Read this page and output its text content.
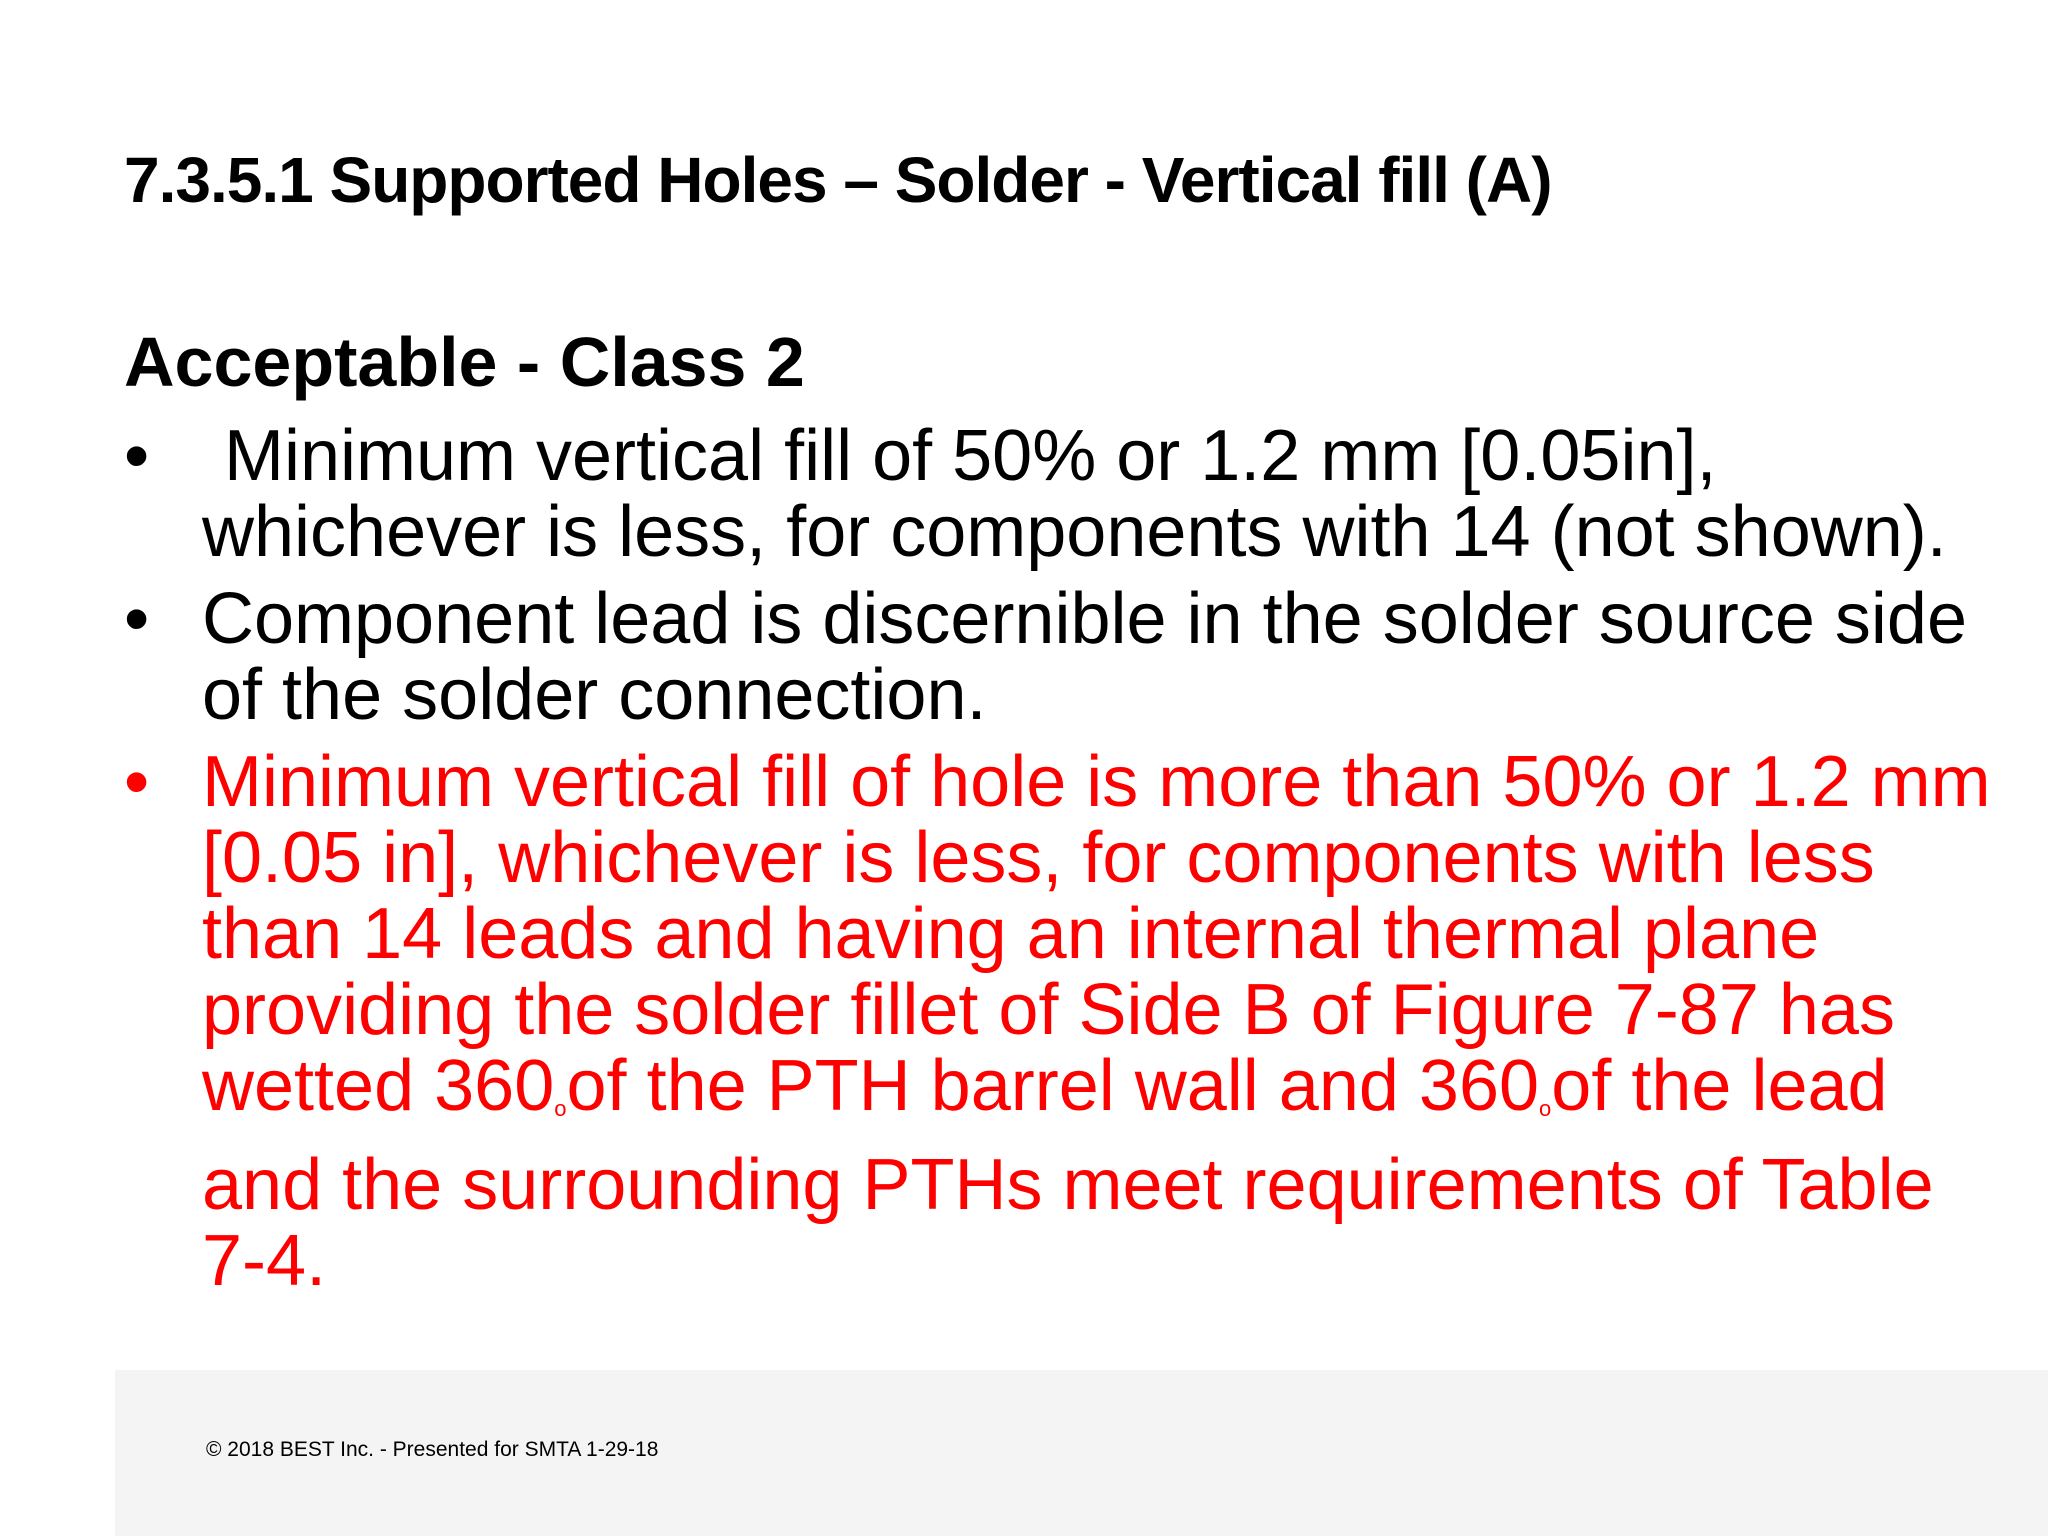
7.3.5.1 Supported Holes – Solder - Vertical fill (A)
Acceptable - Class 2
•	Minimum vertical fill of 50% or 1.2 mm [0.05in], whichever is less, for components with 14 (not shown).
• Component lead is discernible in the solder source side of the solder connection.
• Minimum vertical fill of hole is more than 50% or 1.2 mm [0.05 in], whichever is less, for components with less than 14 leads and having an internal thermal plane providing the solder fillet of Side B of Figure 7-87 has wetted 360oof the PTH barrel wall and 360oof the lead and the surrounding PTHs meet requirements of Table 7-4.
© 2018 BEST Inc. - Presented for SMTA 1-29-18
